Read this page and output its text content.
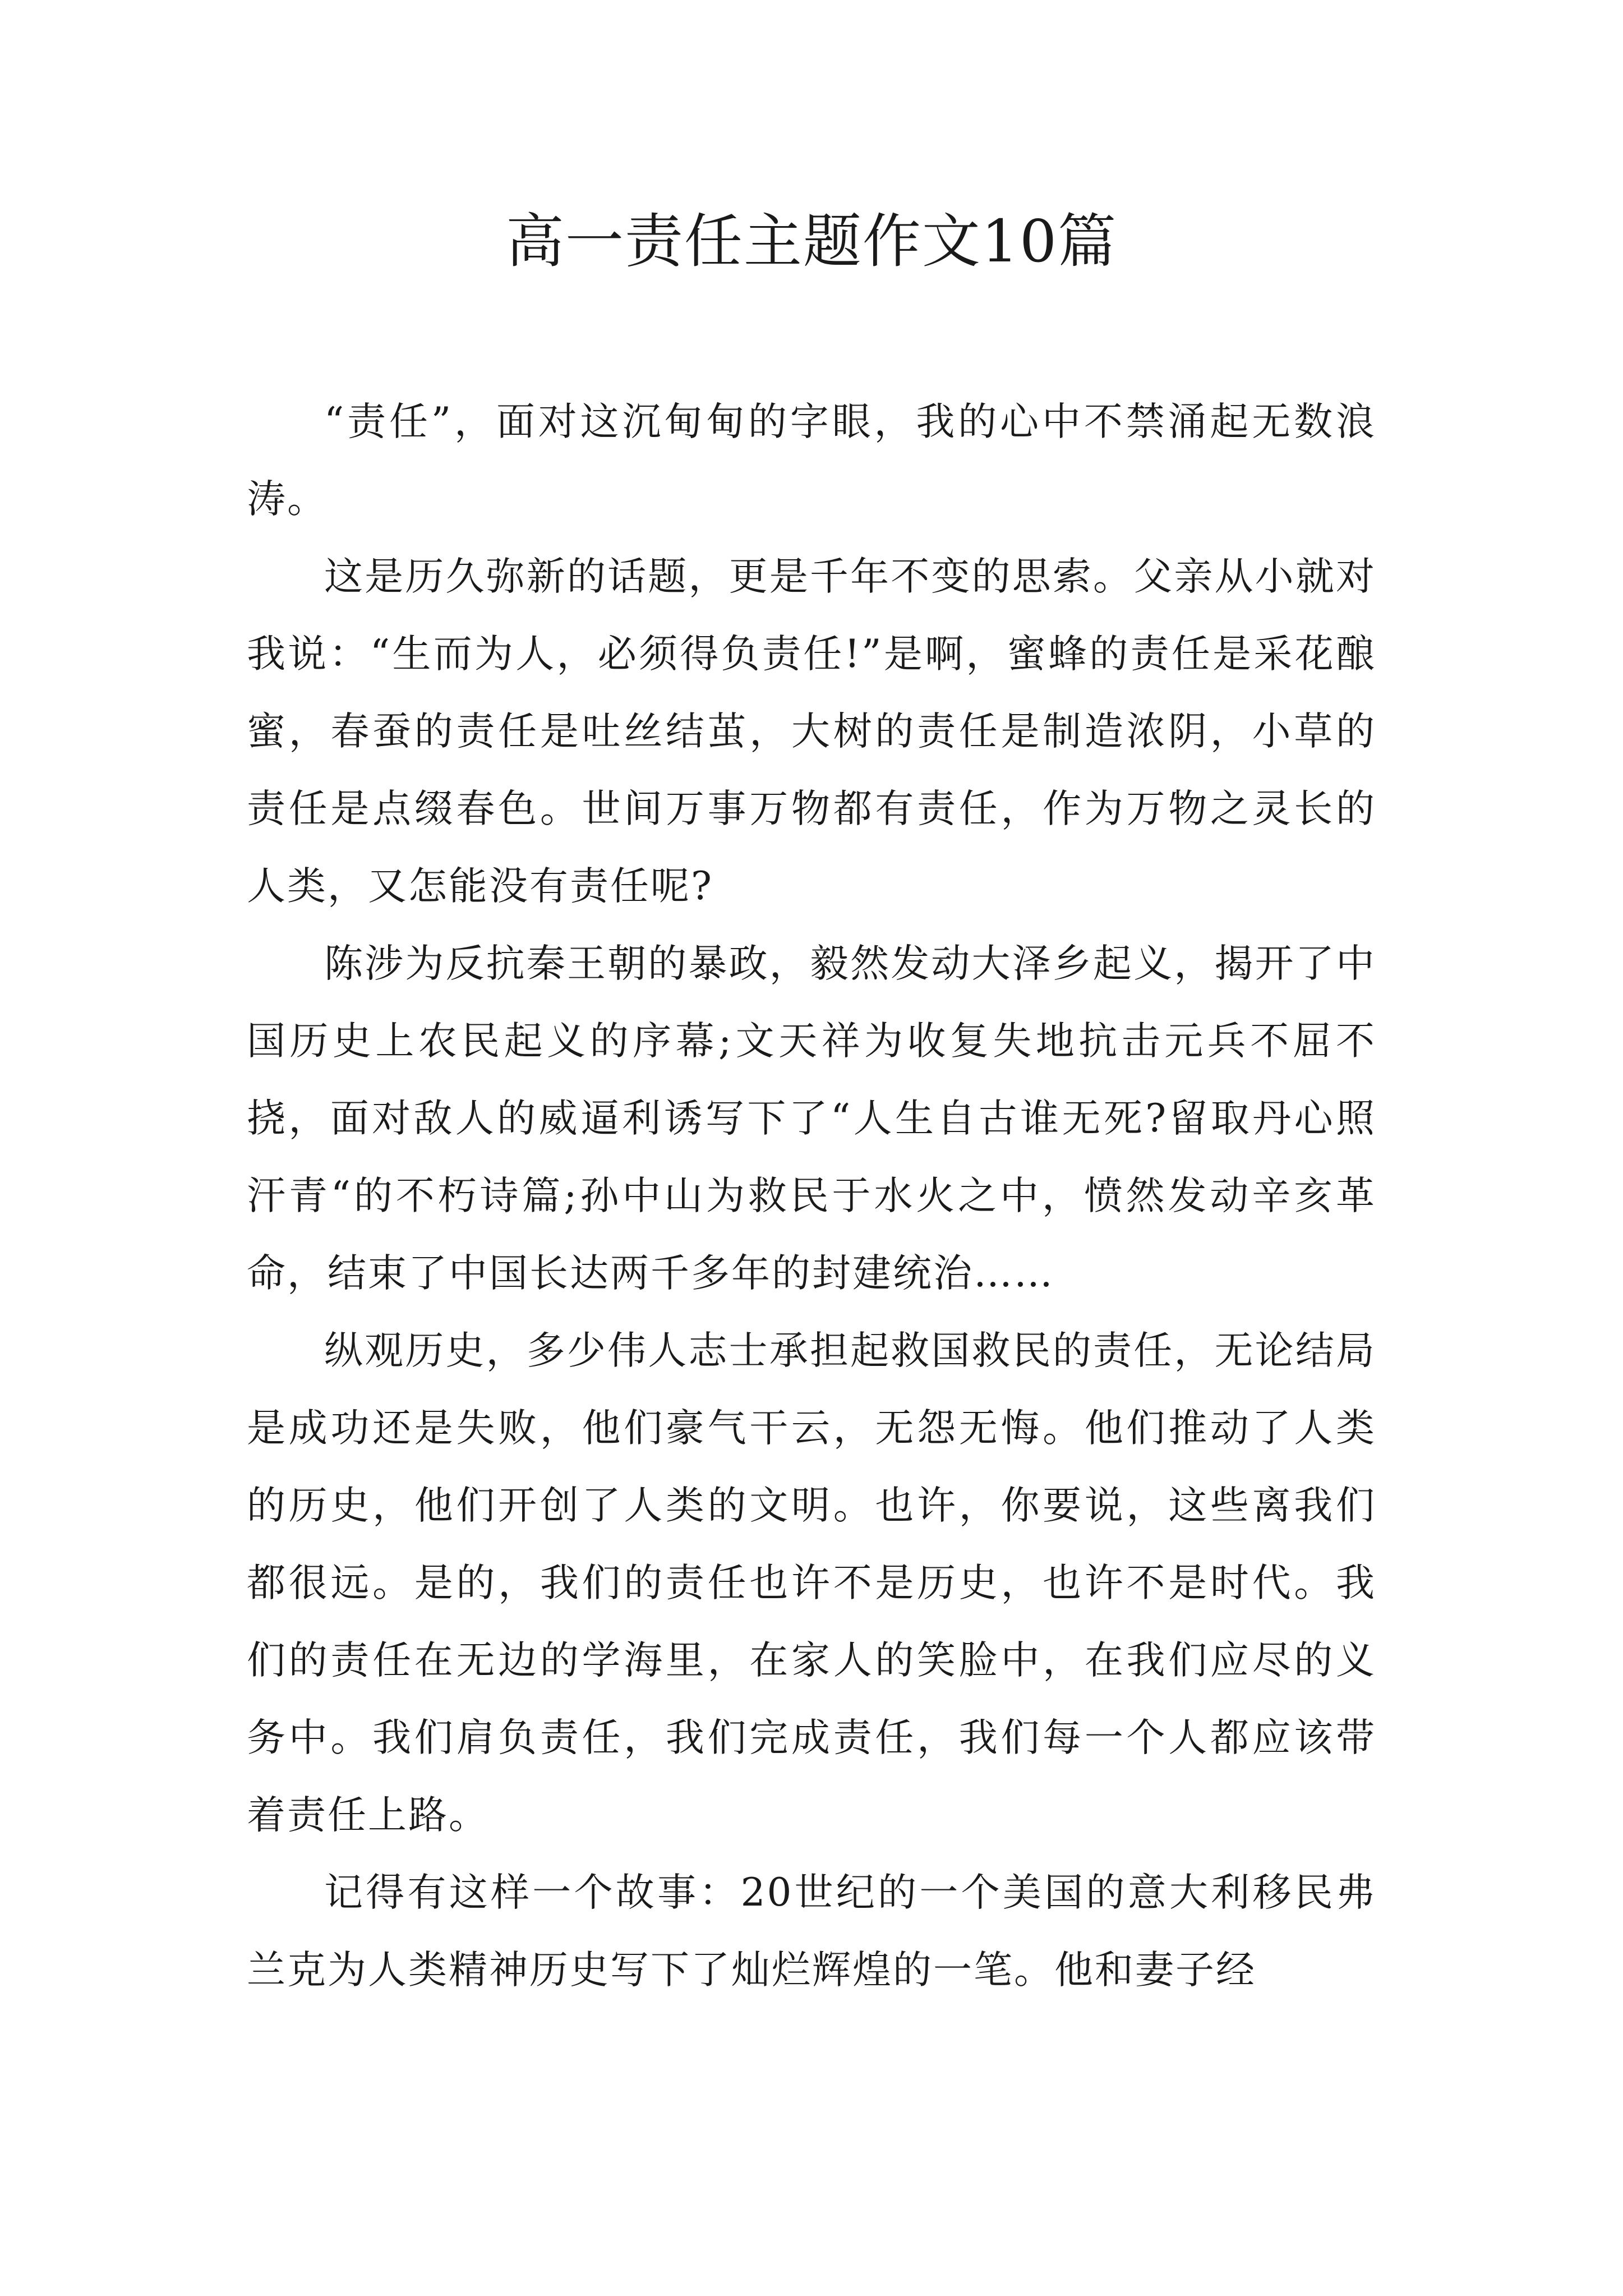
高一责任主题作文10篇

“责任”，面对这沉甸甸的字眼，我的心中不禁涌起无数浪涛。

这是历久弥新的话题，更是千年不变的思索。父亲从小就对我说：“生而为人，必须得负责任!”是啊，蜜蜂的责任是采花酿蜜，春蚕的责任是吐丝结茧，大树的责任是制造浓阴，小草的责任是点缀春色。世间万事万物都有责任，作为万物之灵长的人类，又怎能没有责任呢?

陈涉为反抗秦王朝的暴政，毅然发动大泽乡起义，揭开了中国历史上农民起义的序幕;文天祥为收复失地抗击元兵不屈不挠，面对敌人的威逼利诱写下了“人生自古谁无死?留取丹心照汗青“的不朽诗篇;孙中山为救民于水火之中，愤然发动辛亥革命，结束了中国长达两千多年的封建统治……

纵观历史，多少伟人志士承担起救国救民的责任，无论结局是成功还是失败，他们豪气干云，无怨无悔。他们推动了人类的历史，他们开创了人类的文明。也许，你要说，这些离我们都很远。是的，我们的责任也许不是历史，也许不是时代。我们的责任在无边的学海里，在家人的笑脸中，在我们应尽的义务中。我们肩负责任，我们完成责任，我们每一个人都应该带着责任上路。

记得有这样一个故事：20世纪的一个美国的意大利移民弗兰克为人类精神历史写下了灿烂辉煌的一笔。他和妻子经
